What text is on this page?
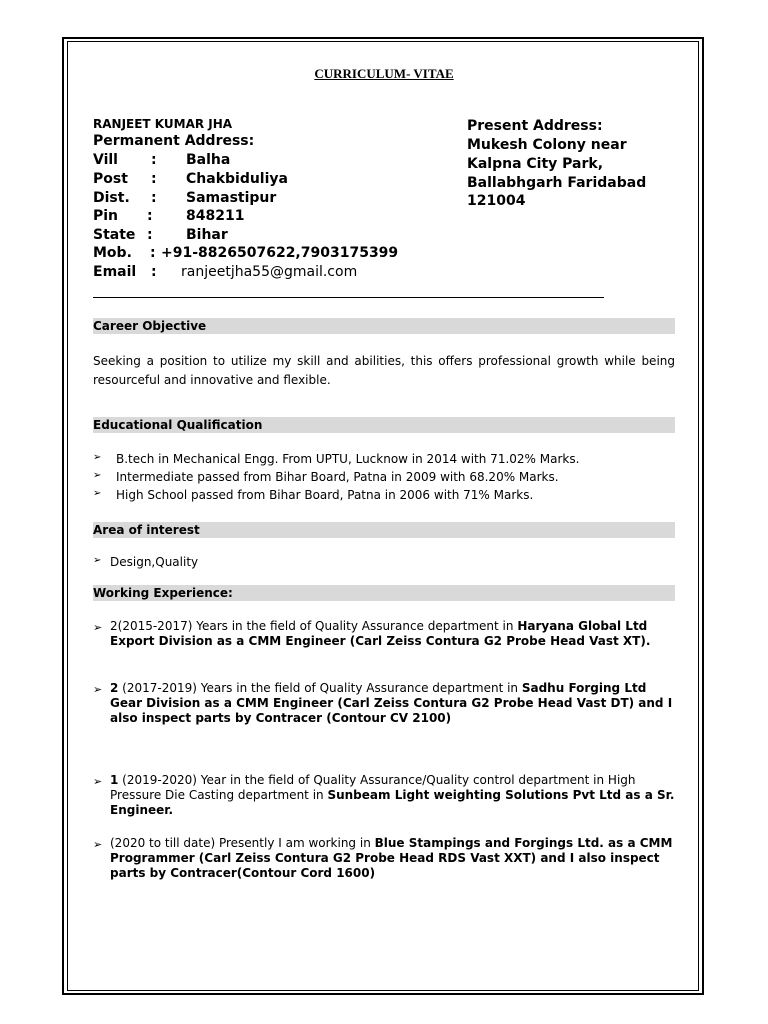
CURRICULUM- VITAE
RANJEET KUMAR JHA
Permanent Address:
Vill : Balha
Post : Chakbiduliya
Dist. : Samastipur
Pin : 848211
State : Bihar
Mob. : +91-8826507622,7903175399
Email : ranjeetjha55@gmail.com
Present Address:
Mukesh Colony near
Kalpna City Park,
Ballabhgarh Faridabad
121004
Career Objective
Seeking a position to utilize my skill and abilities, this offers professional growth while being resourceful and innovative and flexible.
Educational Qualification
➢ B.tech in Mechanical Engg. From UPTU, Lucknow in 2014 with 71.02% Marks.
➢ Intermediate passed from Bihar Board, Patna in 2009 with 68.20% Marks.
➢ High School passed from Bihar Board, Patna in 2006 with 71% Marks.
Area of interest
➢ Design,Quality
Working Experience:
➢ 2(2015-2017) Years in the field of Quality Assurance department in Haryana Global Ltd Export Division as a CMM Engineer (Carl Zeiss Contura G2 Probe Head Vast XT).
➢ 2 (2017-2019) Years in the field of Quality Assurance department in Sadhu Forging Ltd Gear Division as a CMM Engineer (Carl Zeiss Contura G2 Probe Head Vast DT) and I also inspect parts by Contracer (Contour CV 2100)
➢ 1 (2019-2020) Year in the field of Quality Assurance/Quality control department in High Pressure Die Casting department in Sunbeam Light weighting Solutions Pvt Ltd as a Sr. Engineer.
➢ (2020 to till date) Presently I am working in Blue Stampings and Forgings Ltd. as a CMM Programmer (Carl Zeiss Contura G2 Probe Head RDS Vast XXT) and I also inspect parts by Contracer(Contour Cord 1600)
